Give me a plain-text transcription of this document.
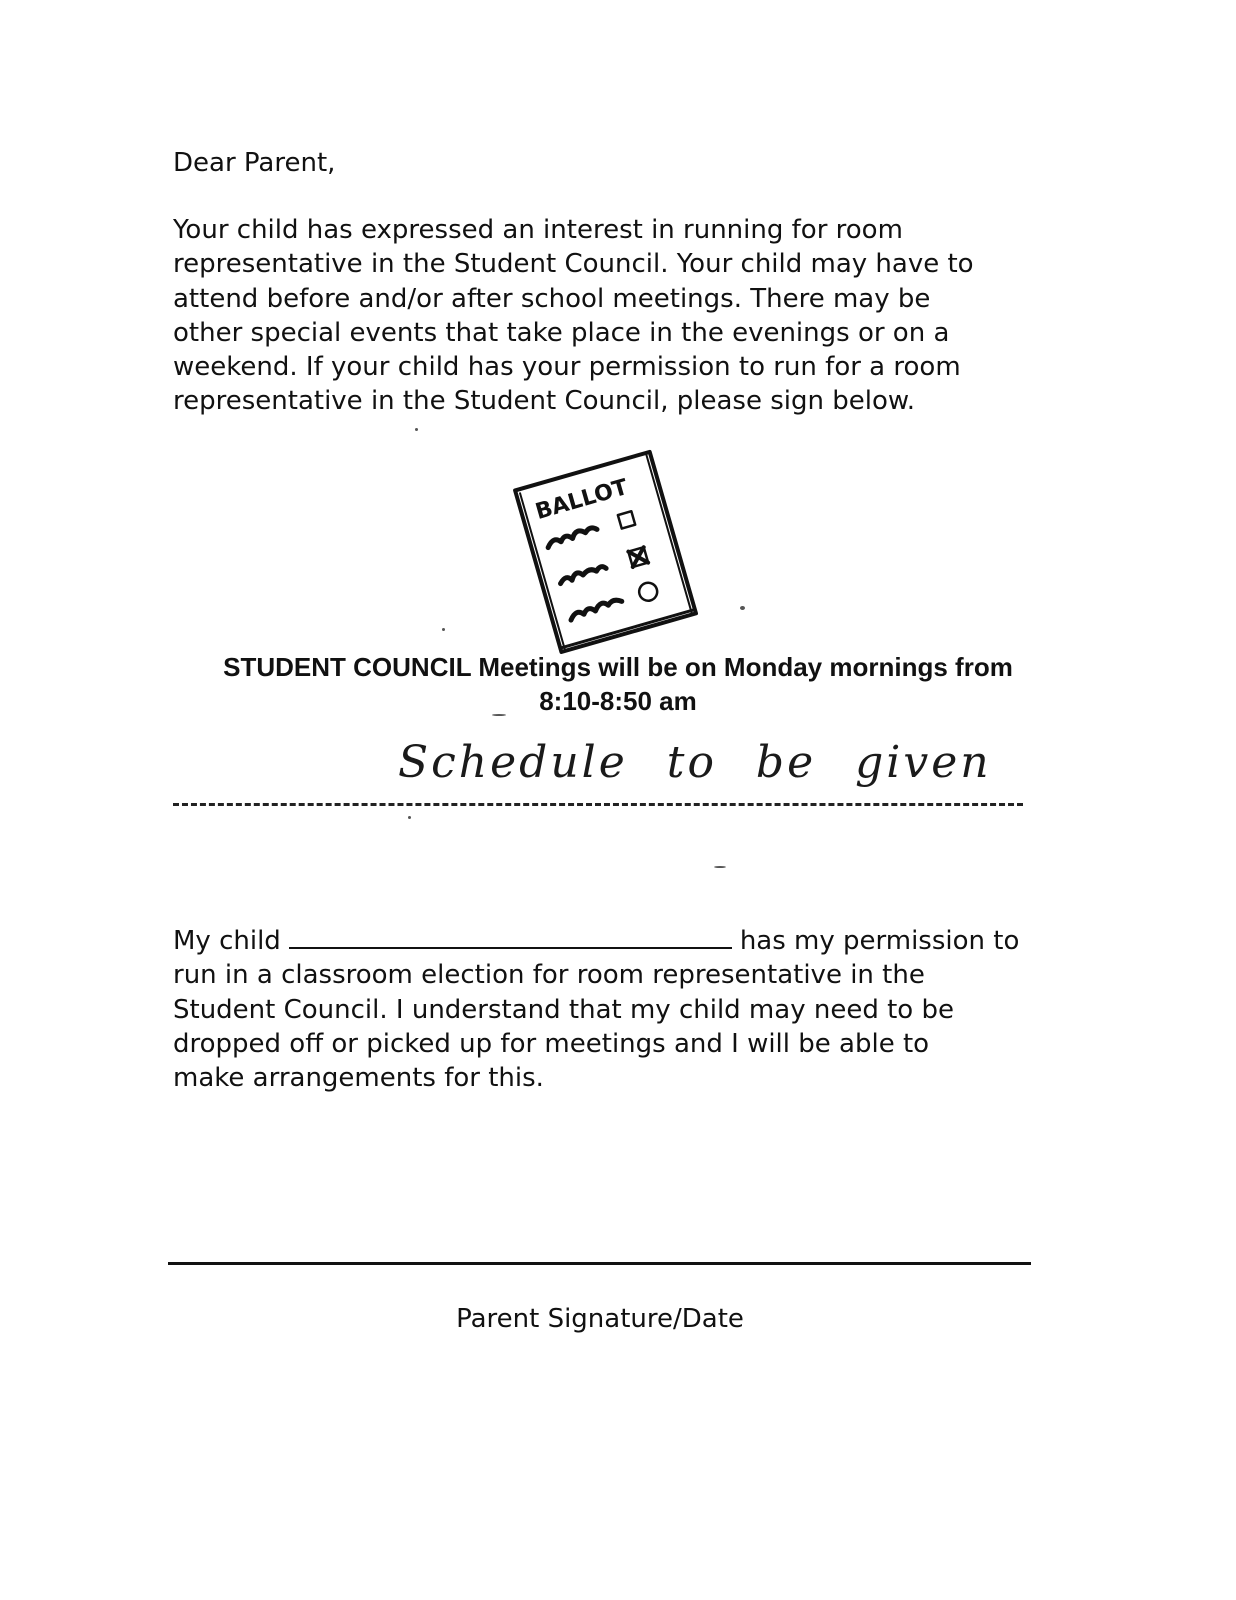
Dear Parent,

Your child has expressed an interest in running for room
representative in the Student Council. Your child may have to
attend before and/or after school meetings. There may be
other special events that take place in the evenings or on a
weekend. If your child has your permission to run for a room
representative in the Student Council, please sign below.

BALLOT

STUDENT COUNCIL Meetings will be on Monday mornings from
8:10-8:50 am

Schedule to be given

My child	has my permission to
run in a classroom election for room representative in the
Student Council. I understand that my child may need to be
dropped off or picked up for meetings and I will be able to
make arrangements for this.

Parent Signature/Date
